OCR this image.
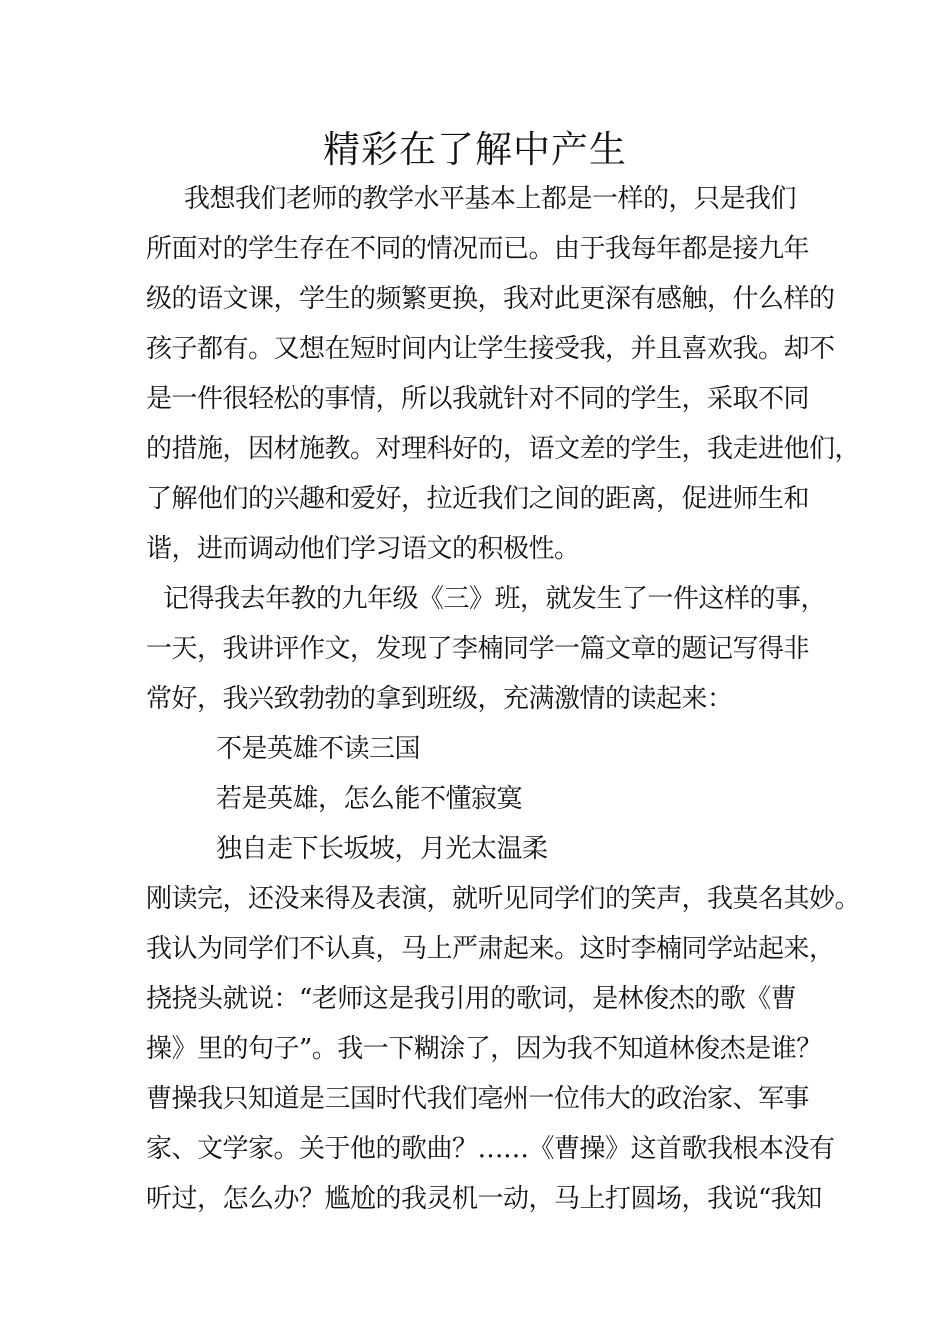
精彩在了解中产生
我想我们老师的教学水平基本上都是一样的，只是我们
所面对的学生存在不同的情况而已。由于我每年都是接九年
级的语文课，学生的频繁更换，我对此更深有感触，什么样的
孩子都有。又想在短时间内让学生接受我，并且喜欢我。却不
是一件很轻松的事情，所以我就针对不同的学生，采取不同
的措施，因材施教。对理科好的，语文差的学生，我走进他们，
了解他们的兴趣和爱好，拉近我们之间的距离，促进师生和
谐，进而调动他们学习语文的积极性。
记得我去年教的九年级《三》班，就发生了一件这样的事，
一天，我讲评作文，发现了李楠同学一篇文章的题记写得非
常好，我兴致勃勃的拿到班级，充满激情的读起来：
不是英雄不读三国
若是英雄，怎么能不懂寂寞
独自走下长坂坡，月光太温柔
刚读完，还没来得及表演，就听见同学们的笑声，我莫名其妙。
我认为同学们不认真，马上严肃起来。这时李楠同学站起来，
挠挠头就说：“老师这是我引用的歌词，是林俊杰的歌《曹
操》里的句子”。我一下糊涂了，因为我不知道林俊杰是谁？
曹操我只知道是三国时代我们亳州一位伟大的政治家、军事
家、文学家。关于他的歌曲？……《曹操》这首歌我根本没有
听过，怎么办？尴尬的我灵机一动，马上打圆场，我说“我知
